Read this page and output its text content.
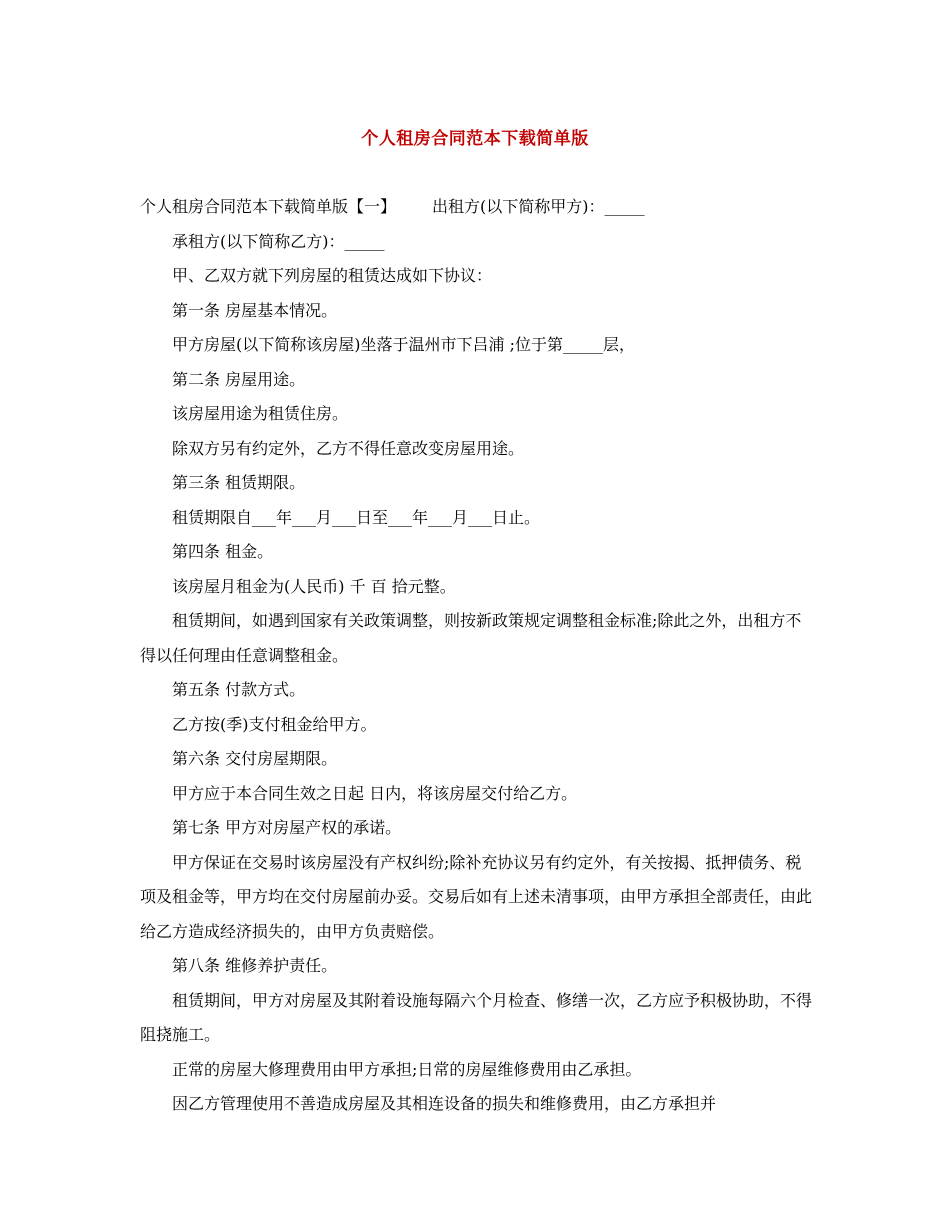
个人租房合同范本下载简单版

个人租房合同范本下载简单版【一】 出租方(以下简称甲方)：_____

承租方(以下简称乙方)：_____

甲、乙双方就下列房屋的租赁达成如下协议：

第一条 房屋基本情况。

甲方房屋(以下简称该房屋)坐落于温州市下吕浦 ;位于第_____层，

第二条 房屋用途。

该房屋用途为租赁住房。

除双方另有约定外，乙方不得任意改变房屋用途。

第三条 租赁期限。

租赁期限自___年___月___日至___年___月___日止。

第四条 租金。

该房屋月租金为(人民币) 千 百 拾元整。

租赁期间，如遇到国家有关政策调整，则按新政策规定调整租金标准;除此之外，出租方不得以任何理由任意调整租金。

第五条 付款方式。

乙方按(季)支付租金给甲方。

第六条 交付房屋期限。

甲方应于本合同生效之日起 日内，将该房屋交付给乙方。

第七条 甲方对房屋产权的承诺。

甲方保证在交易时该房屋没有产权纠纷;除补充协议另有约定外，有关按揭、抵押债务、税项及租金等，甲方均在交付房屋前办妥。交易后如有上述未清事项，由甲方承担全部责任，由此给乙方造成经济损失的，由甲方负责赔偿。

第八条 维修养护责任。

租赁期间，甲方对房屋及其附着设施每隔六个月检查、修缮一次，乙方应予积极协助，不得阻挠施工。

正常的房屋大修理费用由甲方承担;日常的房屋维修费用由乙承担。

因乙方管理使用不善造成房屋及其相连设备的损失和维修费用，由乙方承担并
